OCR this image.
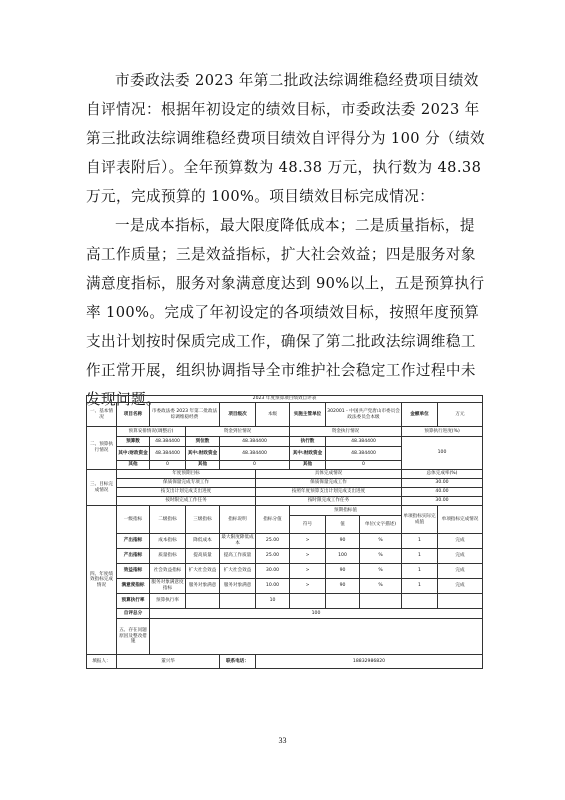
市委政法委 2023 年第二批政法综调维稳经费项目绩效自评情况：根据年初设定的绩效目标，市委政法委 2023 年第三批政法综调维稳经费项目绩效自评得分为 100 分（绩效自评表附后）。全年预算数为 48.38 万元，执行数为 48.38 万元，完成预算的 100%。项目绩效目标完成情况：
一是成本指标，最大限度降低成本；二是质量指标，提高工作质量；三是效益指标，扩大社会效益；四是服务对象满意度指标，服务对象满意度达到 90%以上，五是预算执行率 100%。完成了年初设定的各项绩效目标，按照年度预算支出计划按时保质完成工作，确保了第二批政法综调维稳工作正常开展，组织协调指导全市维护社会稳定工作过程中未发现问题。	2023 年度预算项目绩效自评表											
一、基本情况	项目名称	市委政法委 2023 年第二批政法综调维稳经费		项目级次	本级	实施主管单位	302001 - 中国共产党唐山市委员会政法委员会本级		金额单位	万元	
二、预算执行情况	预算安排情况(调整后)		资金到位情况			资金执行情况			预算执行进度(%)		
	预算数	48.384400	到位数	48.384400		执行数	48.384400		100		
	其中:财政资金	48.384400	其中:财政资金	48.384400		其中:财政资金	48.384400				
	其他	0	其他	0		其他	0				
三、目标完成情况	年度预期目标				具体完成情况				总体完成率(%)		
	保质保量完成专项工作				保质保量完成工作				30.00		
	按支出计划完成支出进度				按照年度预算支出计划完成支出进度				40.00		
	按时限完成工作任务				按时限完成工作任务				30.00		
四、年度绩效指标完成情况	一级指标	二级指标	三级指标	指标说明	指标分值	预期指标值			单项指标实际完成值	单项指标完成情况	
						符号	值	单位(文字描述)			
	产出指标	成本指标	降低成本	最大限度降低成本	25.00	>	90	%	1	完成	
	产出指标	质量指标	提高质量	提高工作质量	25.00	>	100	%	1	完成	
	效益指标	社会效益指标	扩大社会效益	扩大社会效益	30.00	>	90	%	1	完成	
	满意度指标	服务对象满意度指标	服务对象满意	服务对象满意	10.00	>	90	%	1	完成	
	预算执行率	预算执行率			10						
	自评总分	100									
	五、存在问题原因及整改措施										
填报人：	董兴华			联系电话：	18832986820						
33
